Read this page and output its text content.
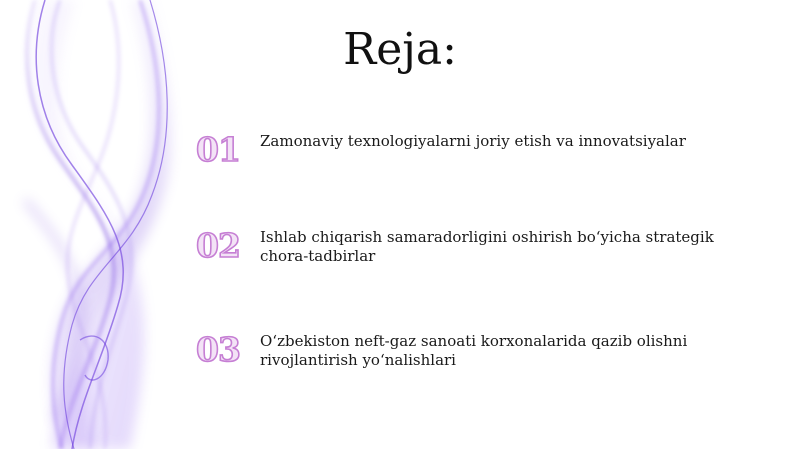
Reja:
01	Zamonaviy texnologiyalarni joriy etish va innovatsiyalar
02	Ishlab chiqarish samaradorligini oshirish bo‘yicha strategik chora-tadbirlar
03	O‘zbekiston neft-gaz sanoati korxonalarida qazib olishni rivojlantirish yo‘nalishlari
